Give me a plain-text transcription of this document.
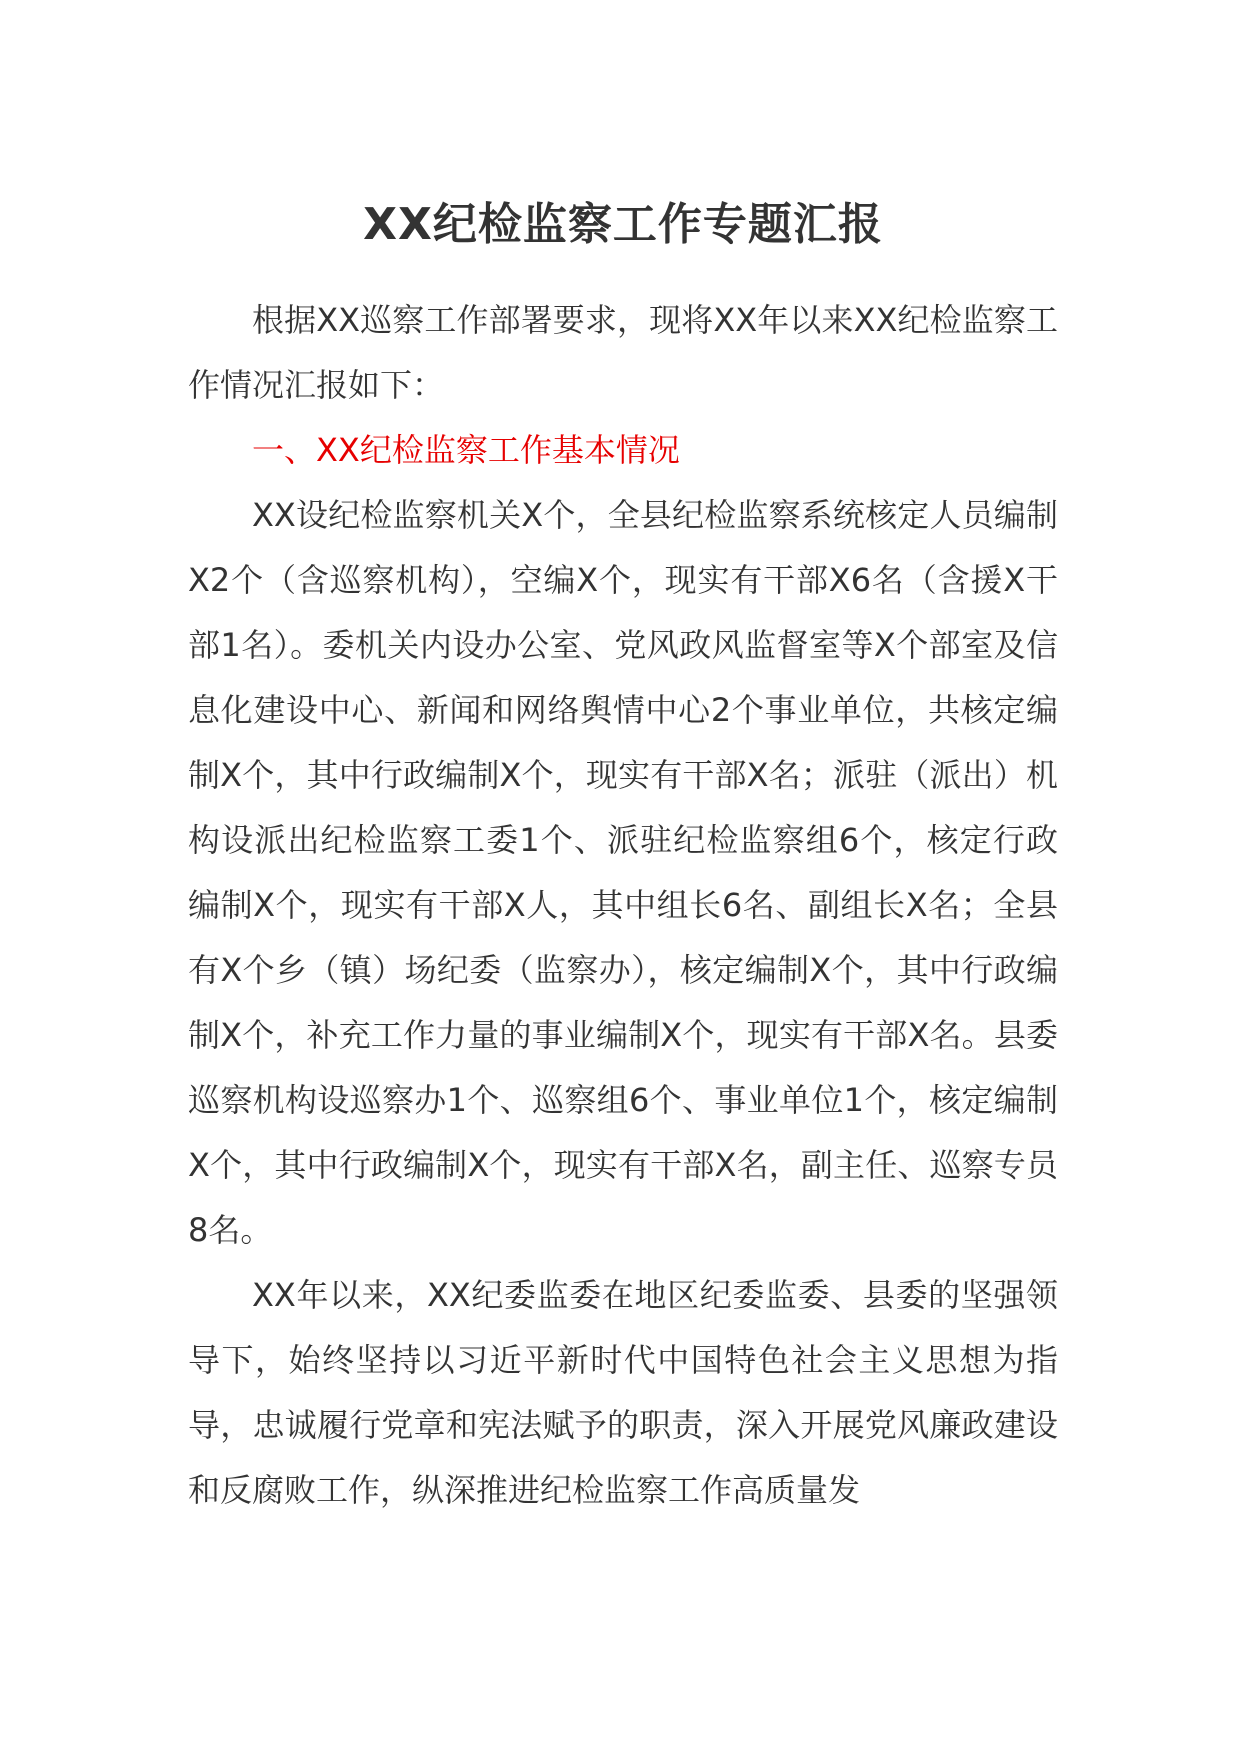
XX纪检监察工作专题汇报

根据XX巡察工作部署要求，现将XX年以来XX纪检监察工作情况汇报如下：

一、XX纪检监察工作基本情况

XX设纪检监察机关X个，全县纪检监察系统核定人员编制X2个（含巡察机构），空编X个，现实有干部X6名（含援X干部1名）。委机关内设办公室、党风政风监督室等X个部室及信息化建设中心、新闻和网络舆情中心2个事业单位，共核定编制X个，其中行政编制X个，现实有干部X名；派驻（派出）机构设派出纪检监察工委1个、派驻纪检监察组6个，核定行政编制X个，现实有干部X人，其中组长6名、副组长X名；全县有X个乡（镇）场纪委（监察办），核定编制X个，其中行政编制X个，补充工作力量的事业编制X个，现实有干部X名。县委巡察机构设巡察办1个、巡察组6个、事业单位1个，核定编制X个，其中行政编制X个，现实有干部X名，副主任、巡察专员8名。

XX年以来，XX纪委监委在地区纪委监委、县委的坚强领导下，始终坚持以习近平新时代中国特色社会主义思想为指导，忠诚履行党章和宪法赋予的职责，深入开展党风廉政建设和反腐败工作，纵深推进纪检监察工作高质量发
